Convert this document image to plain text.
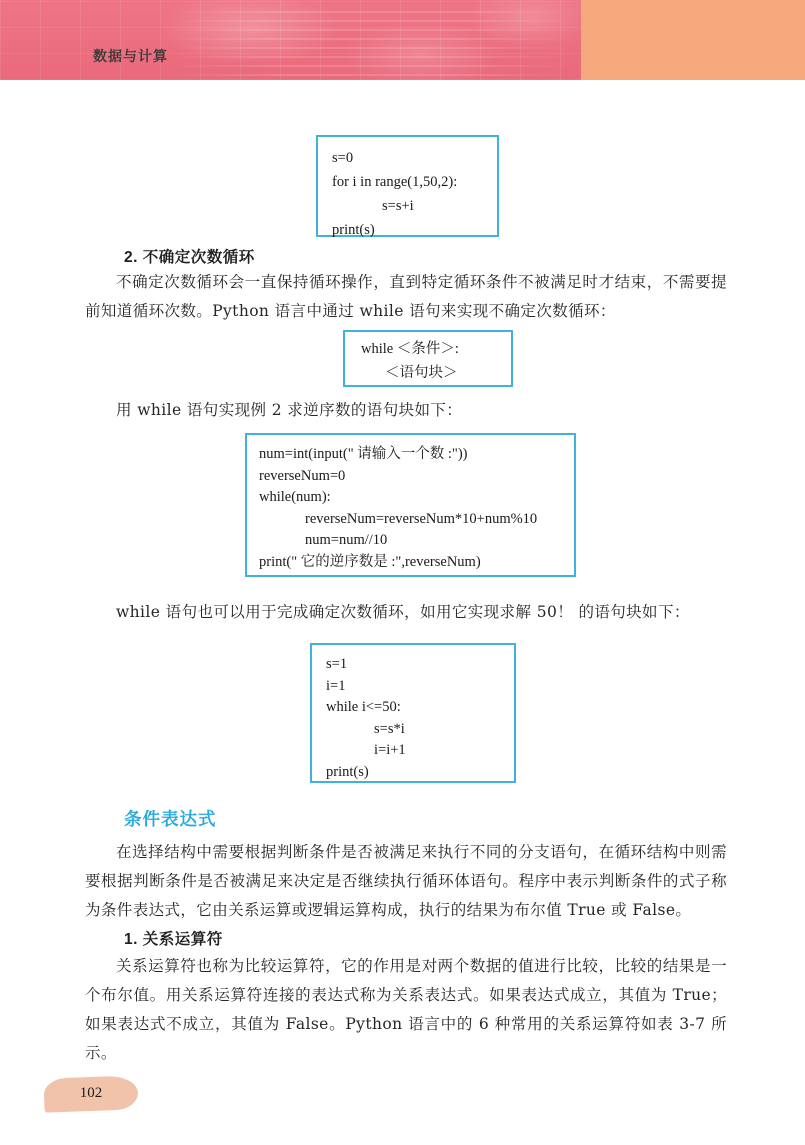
数据与计算
s=0
for i in range(1,50,2):
s=s+i
print(s)
2. 不确定次数循环
不确定次数循环会一直保持循环操作，直到特定循环条件不被满足时才结束，不需要提前知道循环次数。Python 语言中通过 while 语句来实现不确定次数循环：
while ＜条件＞:
＜语句块＞
用 while 语句实现例 2 求逆序数的语句块如下：
num=int(input(" 请输入一个数 :"))
reverseNum=0
while(num):
reverseNum=reverseNum*10+num%10
num=num//10
print(" 它的逆序数是 :",reverseNum)
while 语句也可以用于完成确定次数循环，如用它实现求解 50！ 的语句块如下：
s=1
i=1
while i<=50:
s=s*i
i=i+1
print(s)
条件表达式
在选择结构中需要根据判断条件是否被满足来执行不同的分支语句，在循环结构中则需要根据判断条件是否被满足来决定是否继续执行循环体语句。程序中表示判断条件的式子称为条件表达式，它由关系运算或逻辑运算构成，执行的结果为布尔值 True 或 False。
1. 关系运算符
关系运算符也称为比较运算符，它的作用是对两个数据的值进行比较，比较的结果是一个布尔值。用关系运算符连接的表达式称为关系表达式。如果表达式成立，其值为 True；如果表达式不成立，其值为 False。Python 语言中的 6 种常用的关系运算符如表 3-7 所示。
102
